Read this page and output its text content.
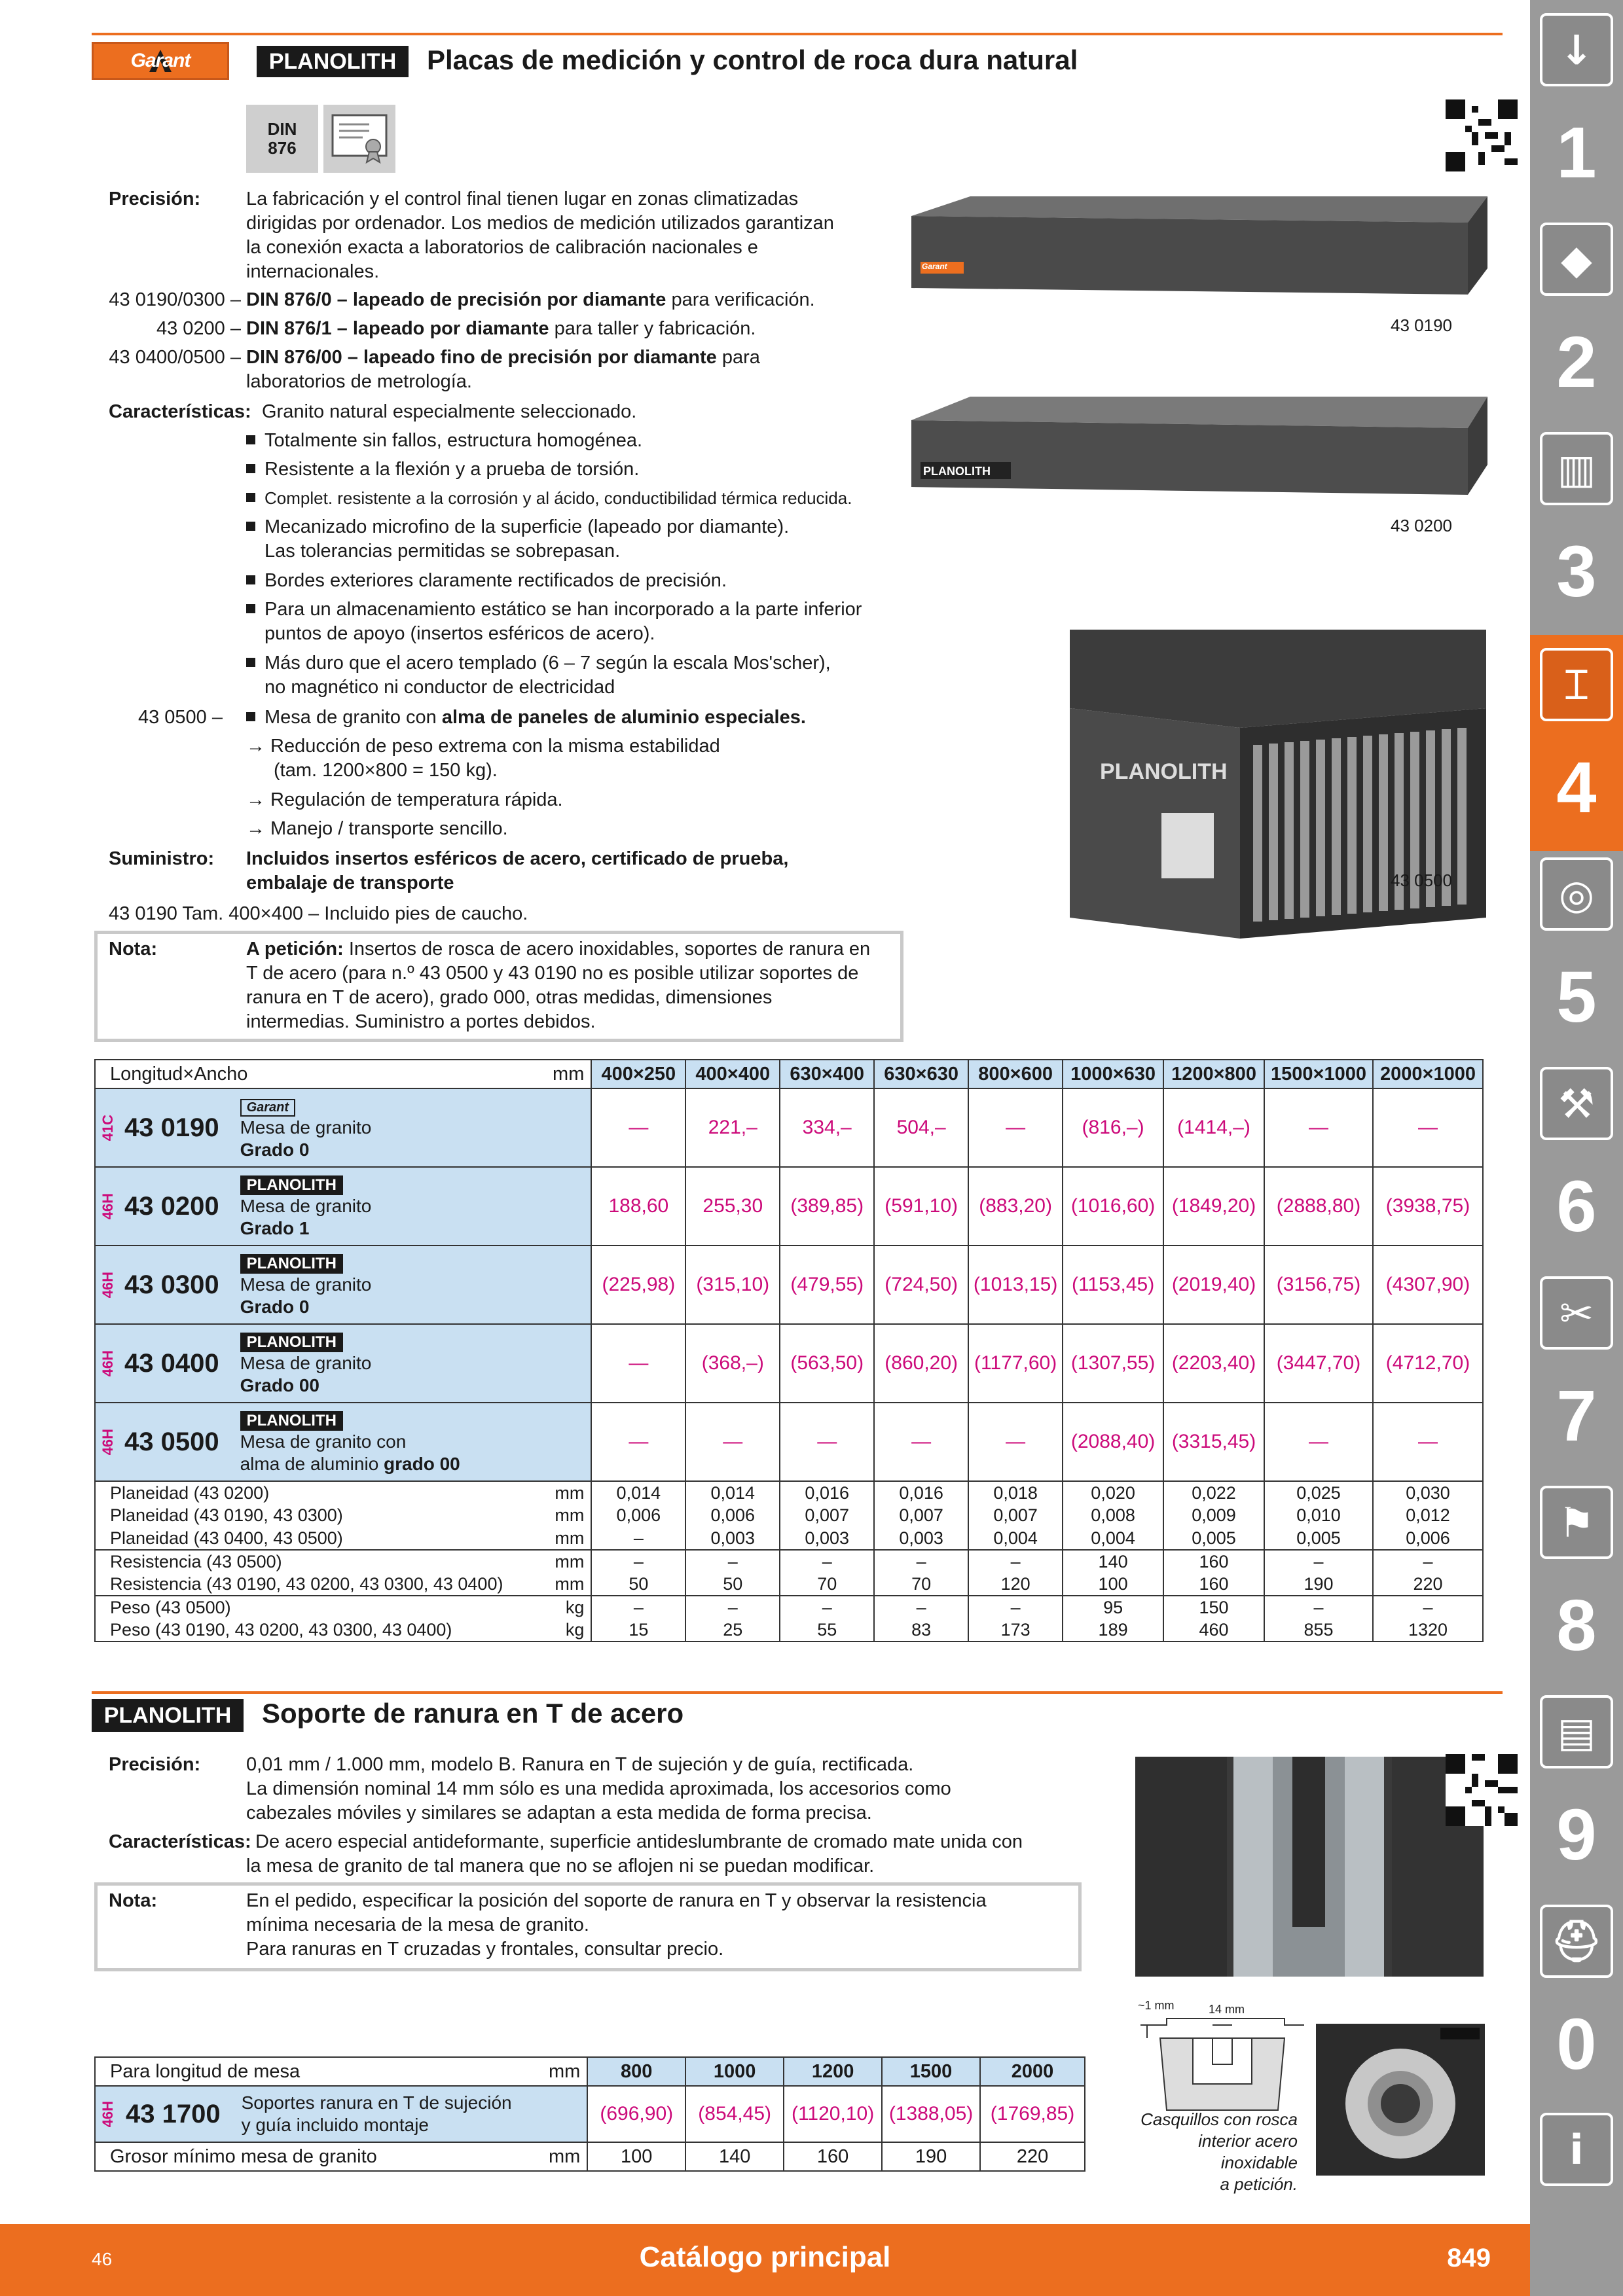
Garant	PLANOLITH Placas de medición y control de roca dura natural
DIN 876
Precisión: La fabricación y el control final tienen lugar en zonas climatizadas
dirigidas por ordenador. Los medios de medición utilizados garantizan
la conexión exacta a laboratorios de calibración nacionales e
internacionales.
43 0190/0300 – DIN 876/0 – lapeado de precisión por diamante para verificación.
43 0200 – DIN 876/1 – lapeado por diamante para taller y fabricación.
43 0400/0500 – DIN 876/00 – lapeado fino de precisión por diamante para
laboratorios de metrología.
Características: Granito natural especialmente seleccionado.
Totalmente sin fallos, estructura homogénea.
Resistente a la flexión y a prueba de torsión.
Complet. resistente a la corrosión y al ácido, conductibilidad térmica reducida.
Mecanizado microfino de la superficie (lapeado por diamante).
Las tolerancias permitidas se sobrepasan.
Bordes exteriores claramente rectificados de precisión.
Para un almacenamiento estático se han incorporado a la parte inferior
puntos de apoyo (insertos esféricos de acero).
Más duro que el acero templado (6 – 7 según la escala Mos'scher),
no magnético ni conductor de electricidad
43 0500 –	Mesa de granito con alma de paneles de aluminio especiales.
→ Reducción de peso extrema con la misma estabilidad
(tam. 1200×800 = 150 kg).
→ Regulación de temperatura rápida.
→ Manejo / transporte sencillo.
Suministro: Incluidos insertos esféricos de acero, certificado de prueba,
embalaje de transporte
43 0190 Tam. 400×400 – Incluido pies de caucho.
Nota:	A petición: Insertos de rosca de acero inoxidables, soportes de ranura en
T de acero (para n.º 43 0500 y 43 0190 no es posible utilizar soportes de
ranura en T de acero), grado 000, otras medidas, dimensiones
intermedias. Suministro a portes debidos.
Garant
43 0190
PLANOLITH
43 0200
PLANOLITH
43 0500
Longitud×Ancho mm	400×250	400×400	630×400	630×630	800×600	1000×630	1200×800	1500×1000	2000×1000

41C 43 0190
Garant
Mesa de granito
Grado 0	—	221,–	334,–	504,–	—	(816,–)	(1414,–)	—	—

46H 43 0200
PLANOLITH
Mesa de granito
Grado 1	188,60	255,30	(389,85)	(591,10)	(883,20)	(1016,60)	(1849,20)	(2888,80)	(3938,75)

46H 43 0300
PLANOLITH
Mesa de granito
Grado 0	(225,98)	(315,10)	(479,55)	(724,50)	(1013,15)	(1153,45)	(2019,40)	(3156,75)	(4307,90)

46H 43 0400
PLANOLITH
Mesa de granito
Grado 00	—	(368,–)	(563,50)	(860,20)	(1177,60)	(1307,55)	(2203,40)	(3447,70)	(4712,70)

46H 43 0500
PLANOLITH
Mesa de granito con
alma de aluminio grado 00	—	—	—	—	—	(2088,40)	(3315,45)	—	—
Planeidad (43 0200) mm	0,014	0,014	0,016	0,016	0,018	0,020	0,022	0,025	0,030
Planeidad (43 0190, 43 0300) mm	0,006	0,006	0,007	0,007	0,007	0,008	0,009	0,010	0,012
Planeidad (43 0400, 43 0500) mm	–	0,003	0,003	0,003	0,004	0,004	0,005	0,005	0,006
Resistencia (43 0500) mm	–	–	–	–	–	140	160	–	–
Resistencia (43 0190, 43 0200, 43 0300, 43 0400) mm	50	50	70	70	120	100	160	190	220
Peso (43 0500) kg	–	–	–	–	–	95	150	–	–
Peso (43 0190, 43 0200, 43 0300, 43 0400) kg	15	25	55	83	173	189	460	855	1320
PLANOLITH Soporte de ranura en T de acero
Precisión: 0,01 mm / 1.000 mm, modelo B. Ranura en T de sujeción y de guía, rectificada.
La dimensión nominal 14 mm sólo es una medida aproximada, los accesorios como
cabezales móviles y similares se adaptan a esta medida de forma precisa.
Características: De acero especial antideformante, superficie antideslumbrante de cromado mate unida con
la mesa de granito de tal manera que no se aflojen ni se puedan modificar.
Nota:	En el pedido, especificar la posición del soporte de ranura en T y observar la resistencia
mínima necesaria de la mesa de granito.
Para ranuras en T cruzadas y frontales, consultar precio.
~1 mm	14 mm
Casquillos con rosca
interior acero inoxidable
a petición.
Para longitud de mesa mm	800	1000	1200	1500	2000

46H 43 1700 Soportes ranura en T de sujeción
y guía incluido montaje	(696,90)	(854,45)	(1120,10)	(1388,05)	(1769,85)
Grosor mínimo mesa de granito mm	100	140	160	190	220
↓
◆
▥
⌶
◎
⚒
✂
⚑
▤
⛑
i
1
2
3
4
5
6
7
8
9
0
46	Catálogo principal	849
